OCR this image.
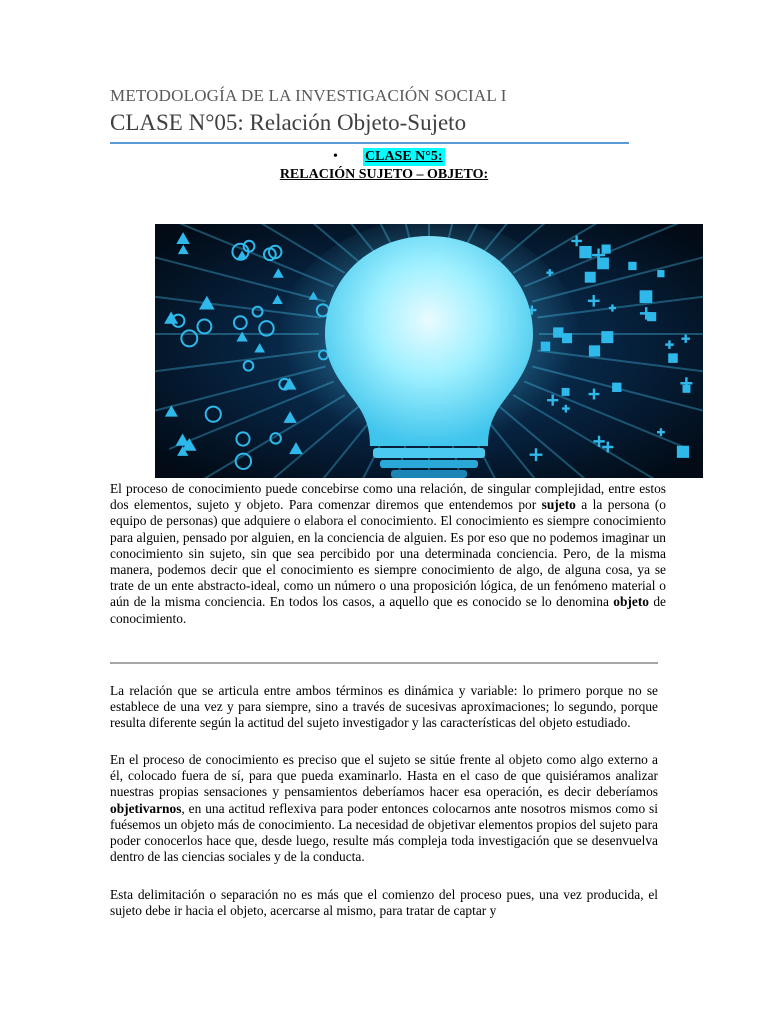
METODOLOGÍA DE LA INVESTIGACIÓN SOCIAL I
CLASE N°05: Relación Objeto-Sujeto
• CLASE N°5:
RELACIÓN SUJETO – OBJETO:
El proceso de conocimiento puede concebirse como una relación, de singular complejidad, entre estos dos elementos, sujeto y objeto. Para comenzar diremos que entendemos por sujeto a la persona (o equipo de personas) que adquiere o elabora el conocimiento. El conocimiento es siempre conocimiento para alguien, pensado por alguien, en la conciencia de alguien. Es por eso que no podemos imaginar un conocimiento sin sujeto, sin que sea percibido por una determinada conciencia. Pero, de la misma manera, podemos decir que el conocimiento es siempre conocimiento de algo, de alguna cosa, ya se trate de un ente abstracto-ideal, como un número o una proposición lógica, de un fenómeno material o aún de la misma conciencia. En todos los casos, a aquello que es conocido se lo denomina objeto de conocimiento.
La relación que se articula entre ambos términos es dinámica y variable: lo primero porque no se establece de una vez y para siempre, sino a través de sucesivas aproximaciones; lo segundo, porque resulta diferente según la actitud del sujeto investigador y las características del objeto estudiado.
En el proceso de conocimiento es preciso que el sujeto se sitúe frente al objeto como algo externo a él, colocado fuera de sí, para que pueda examinarlo. Hasta en el caso de que quisiéramos analizar nuestras propias sensaciones y pensamientos deberíamos hacer esa operación, es decir deberíamos objetivarnos, en una actitud reflexiva para poder entonces colocarnos ante nosotros mismos como si fuésemos un objeto más de conocimiento. La necesidad de objetivar elementos propios del sujeto para poder conocerlos hace que, desde luego, resulte más compleja toda investigación que se desenvuelva dentro de las ciencias sociales y de la conducta.
Esta delimitación o separación no es más que el comienzo del proceso pues, una vez producida, el sujeto debe ir hacia el objeto, acercarse al mismo, para tratar de captar y
